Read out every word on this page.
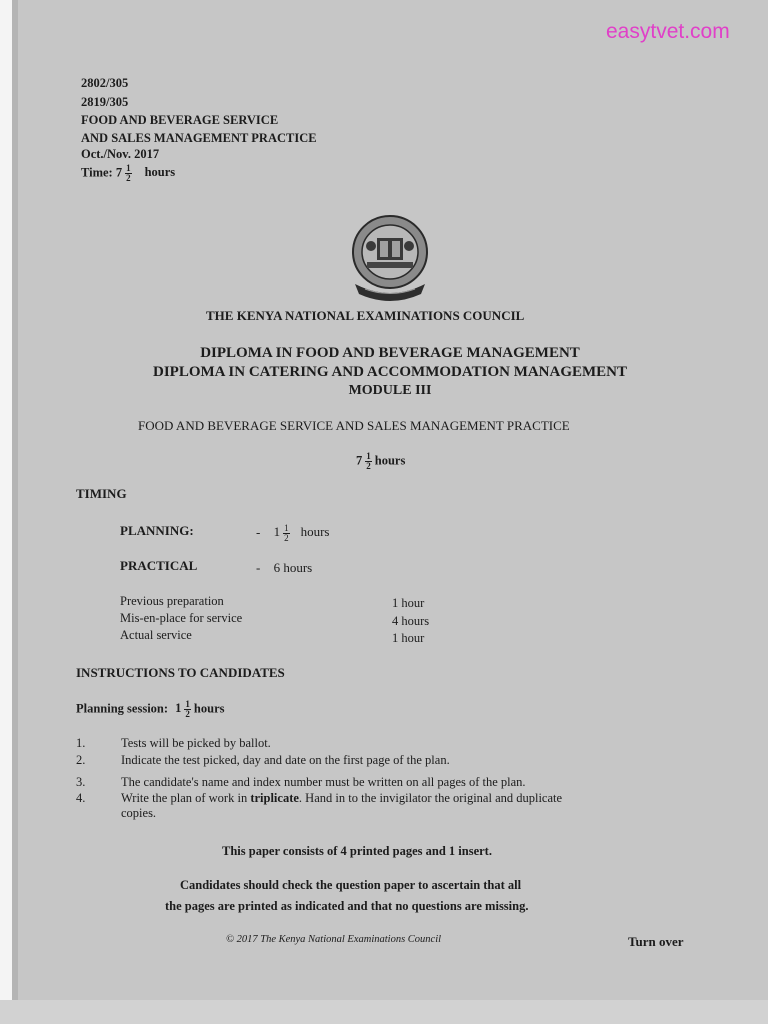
easytvet.com
2802/305
2819/305
FOOD AND BEVERAGE SERVICE
AND SALES MANAGEMENT PRACTICE
Oct./Nov. 2017
Time: $7 \frac{1}{2}$ hours
THE KENYA NATIONAL EXAMINATIONS COUNCIL
DIPLOMA IN FOOD AND BEVERAGE MANAGEMENT
DIPLOMA IN CATERING AND ACCOMMODATION MANAGEMENT
MODULE III
FOOD AND BEVERAGE SERVICE AND SALES MANAGEMENT PRACTICE
$7 \frac{1}{2}$ hours
TIMING
PLANNING:	- $1 \frac{1}{2}$ hours
PRACTICAL	- 6 hours
Previous preparation	1 hour
Mis-en-place for service	4 hours
Actual service	1 hour
INSTRUCTIONS TO CANDIDATES
Planning session: $1 \frac{1}{2}$ hours
1.	Tests will be picked by ballot.
2.	Indicate the test picked, day and date on the first page of the plan.
3.	The candidate's name and index number must be written on all pages of the plan.
4.	Write the plan of work in triplicate. Hand in to the invigilator the original and duplicate
copies.
This paper consists of 4 printed pages and 1 insert.
Candidates should check the question paper to ascertain that all
the pages are printed as indicated and that no questions are missing.
© 2017 The Kenya National Examinations Council	Turn over
